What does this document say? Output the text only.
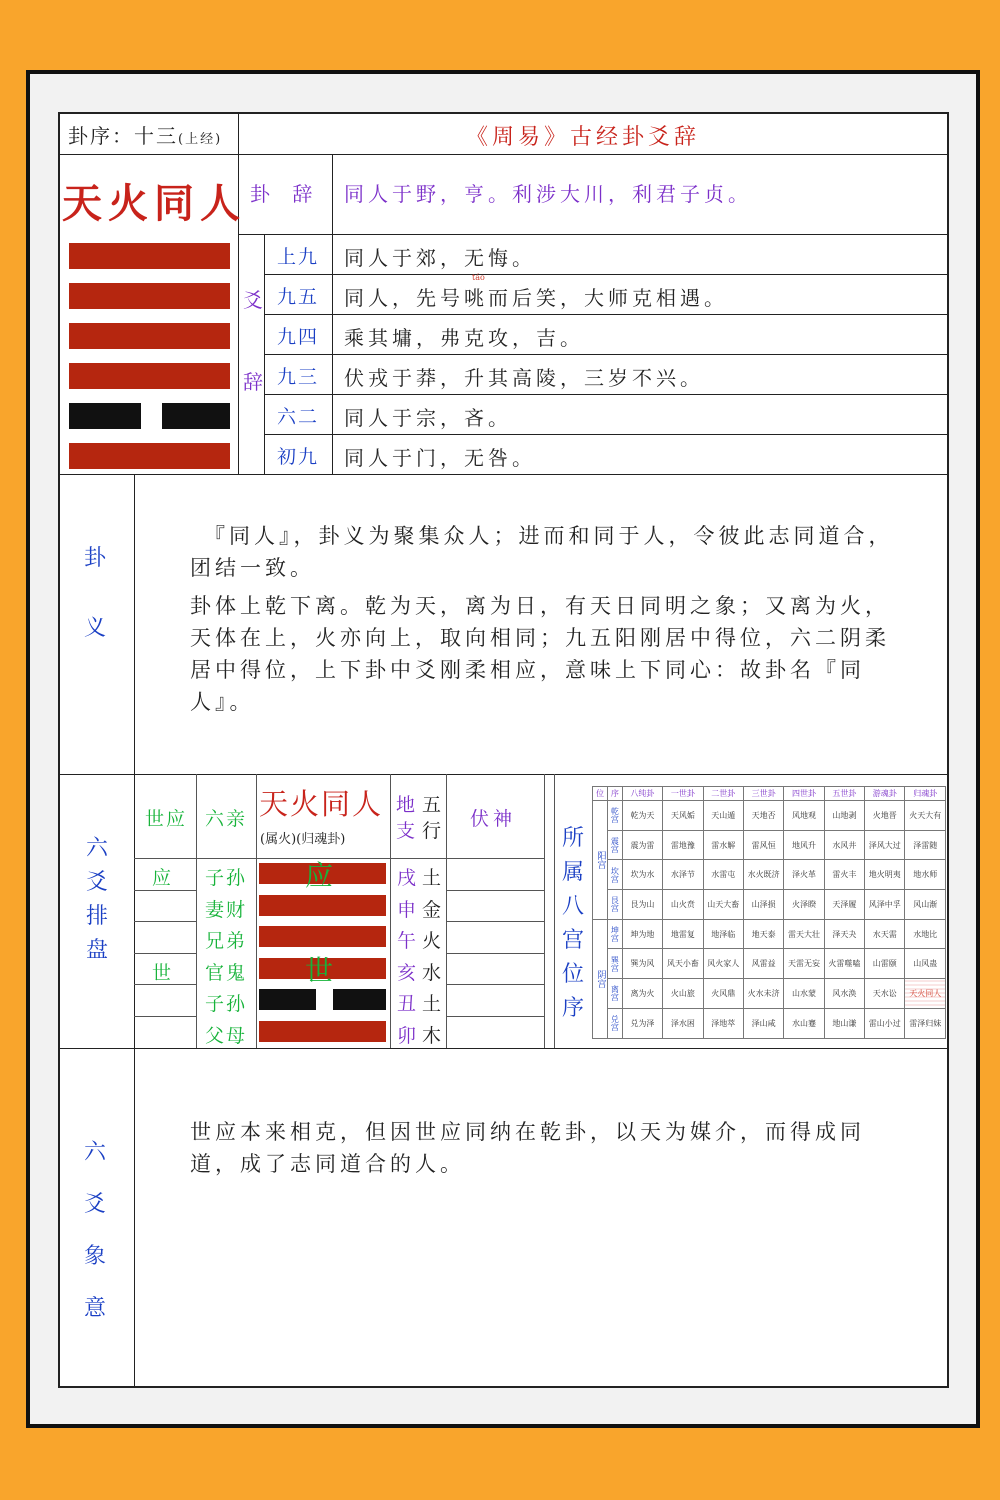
卦序：十三(上经)	《周易》古经卦爻辞
天火同人 卦 辞 同人于野，亨。利涉大川，利君子贞。
爻
辞
上九 同人于郊，无悔。
九五 同人，先号咷而后笑，大师克相遇。
táo
九四 乘其墉，弗克攻，吉。
九三 伏戎于莽，升其高陵，三岁不兴。
六二 同人于宗，吝。
初九 同人于门，无咎。
卦
义
『同人』，卦义为聚集众人；进而和同于人，令彼此志同道合，团结一致。
卦体上乾下离。乾为天，离为日，有天日同明之象；又离为火，天体在上，火亦向上，取向相同；九五阳刚居中得位，六二阴柔居中得位，上下卦中爻刚柔相应，意味上下同心：故卦名『同人』。
六
爻
排
盘
世应 六亲 天火同人
(属火)(归魂卦)
地
支
五
行
伏神
应 子孙 应	戌 土
妻财	申 金
兄弟	午 火
世 官鬼 世	亥 水
子孙	丑 土
父母	卯 木
所
属
八
宫
位
序
位	序	八纯卦	一世卦	二世卦	三世卦	四世卦	五世卦	游魂卦	归魂卦
阳宫	乾宫	乾为天	天风姤	天山遁	天地否	风地观	山地剥	火地晋	火天大有
	震宫	震为雷	雷地豫	雷水解	雷风恒	地风升	水风井	泽风大过	泽雷随
	坎宫	坎为水	水泽节	水雷屯	水火既济	泽火革	雷火丰	地火明夷	地水师
	艮宫	艮为山	山火贲	山天大畜	山泽损	火泽睽	天泽履	风泽中孚	风山渐
阴宫	坤宫	坤为地	地雷复	地泽临	地天泰	雷天大壮	泽天夬	水天需	水地比
	巽宫	巽为风	风天小畜	风火家人	风雷益	天雷无妄	火雷噬嗑	山雷颐	山风蛊
	离宫	离为火	火山旅	火风鼎	火水未济	山水蒙	风水涣	天水讼	天火同人
	兑宫	兑为泽	泽水困	泽地萃	泽山咸	水山蹇	地山谦	雷山小过	雷泽归妹
六
爻
象
意
世应本来相克，但因世应同纳在乾卦，以天为媒介，而得成同道，成了志同道合的人。
